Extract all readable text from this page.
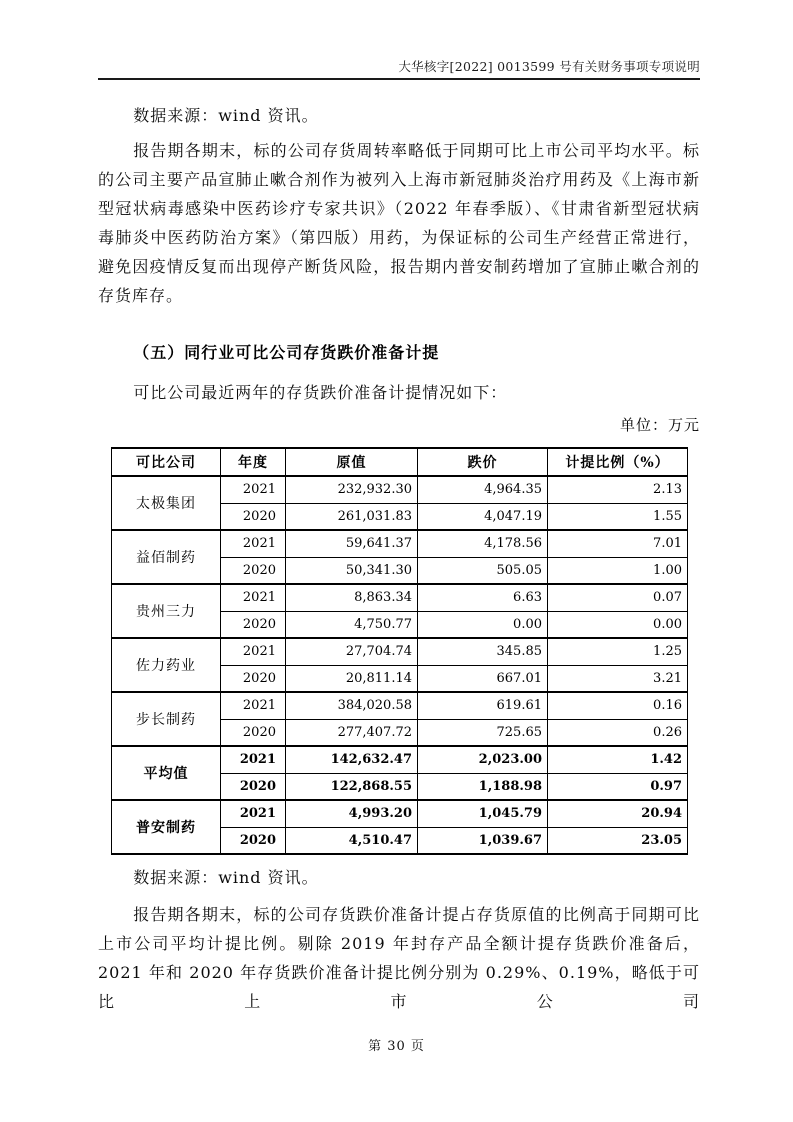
大华核字[2022] 0013599 号有关财务事项专项说明

数据来源：wind 资讯。

报告期各期末，标的公司存货周转率略低于同期可比上市公司平均水平。标的公司主要产品宣肺止嗽合剂作为被列入上海市新冠肺炎治疗用药及《上海市新型冠状病毒感染中医药诊疗专家共识》（2022 年春季版）、《甘肃省新型冠状病毒肺炎中医药防治方案》（第四版）用药，为保证标的公司生产经营正常进行，避免因疫情反复而出现停产断货风险，报告期内普安制药增加了宣肺止嗽合剂的存货库存。

（五）同行业可比公司存货跌价准备计提

可比公司最近两年的存货跌价准备计提情况如下：

单位：万元

可比公司	年度	原值	跌价	计提比例（%）
太极集团	2021	232,932.30	4,964.35	2.13
	2020	261,031.83	4,047.19	1.55
益佰制药	2021	59,641.37	4,178.56	7.01
	2020	50,341.30	505.05	1.00
贵州三力	2021	8,863.34	6.63	0.07
	2020	4,750.77	0.00	0.00
佐力药业	2021	27,704.74	345.85	1.25
	2020	20,811.14	667.01	3.21
步长制药	2021	384,020.58	619.61	0.16
	2020	277,407.72	725.65	0.26
平均值	2021	142,632.47	2,023.00	1.42
	2020	122,868.55	1,188.98	0.97
普安制药	2021	4,993.20	1,045.79	20.94
	2020	4,510.47	1,039.67	23.05

数据来源：wind 资讯。

报告期各期末，标的公司存货跌价准备计提占存货原值的比例高于同期可比上市公司平均计提比例。剔除 2019 年封存产品全额计提存货跌价准备后，2021 年和 2020 年存货跌价准备计提比例分别为 0.29%、0.19%，略低于可比上市公司

第 30 页
